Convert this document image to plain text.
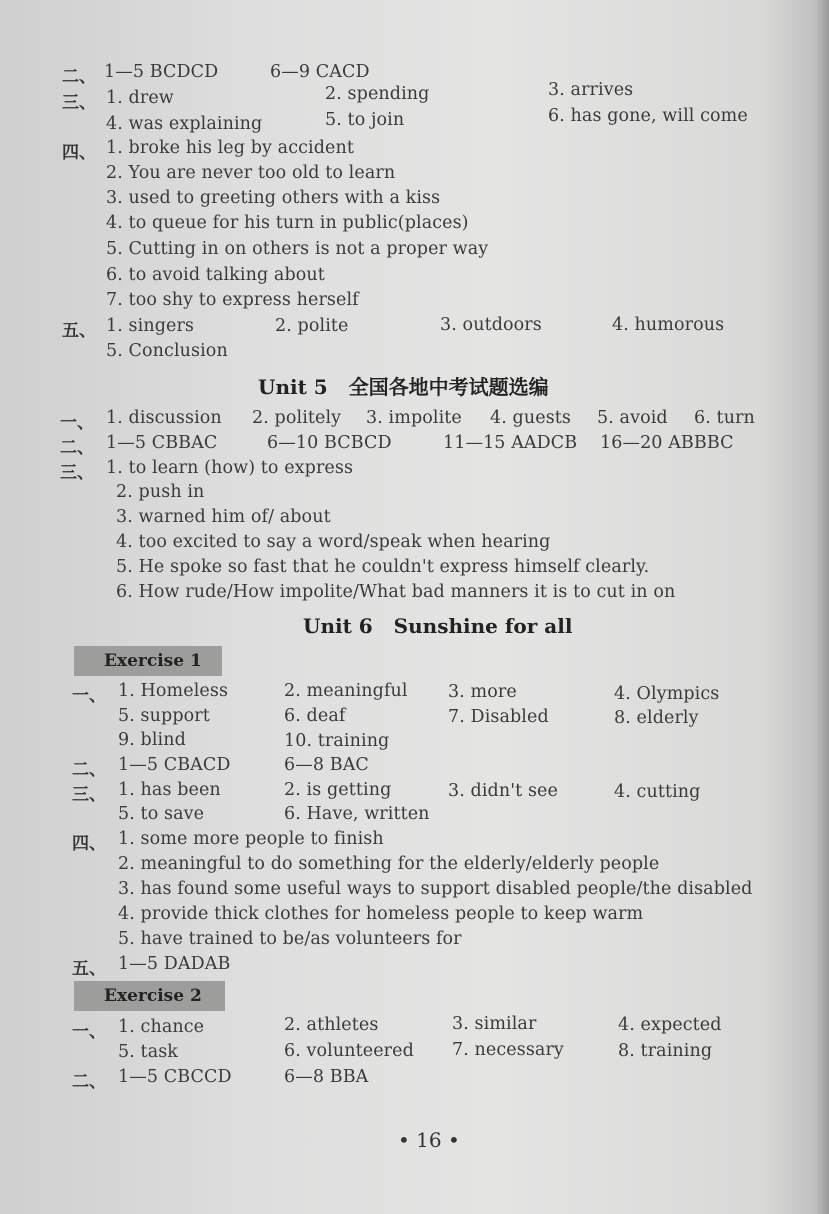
二、 1—5 BCDCD	6—9 CACD
三、 1. drew	2. spending	3. arrives
4. was explaining	5. to join	6. has gone, will come
四、 1. broke his leg by accident
2. You are never too old to learn
3. used to greeting others with a kiss
4. to queue for his turn in public(places)
5. Cutting in on others is not a proper way
6. to avoid talking about
7. too shy to express herself
五、 1. singers	2. polite	3. outdoors	4. humorous
5. Conclusion
Unit 5 全国各地中考试题选编
一、 1. discussion 2. politely 3. impolite 4. guests 5. avoid 6. turn
二、 1—5 CBBAC	6—10 BCBCD	11—15 AADCB 16—20 ABBBC
三、 1. to learn (how) to express
2. push in
3. warned him of/ about
4. too excited to say a word/speak when hearing
5. He spoke so fast that he couldn't express himself clearly.
6. How rude/How impolite/What bad manners it is to cut in on
Unit 6 Sunshine for all
Exercise 1
一、 1. Homeless	2. meaningful 3. more	4. Olympics
5. support	6. deaf	7. Disabled	8. elderly
9. blind	10. training
二、 1—5 CBACD	6—8 BAC
三、 1. has been	2. is getting	3. didn't see	4. cutting
5. to save	6. Have, written
四、 1. some more people to finish
2. meaningful to do something for the elderly/elderly people
3. has found some useful ways to support disabled people/the disabled
4. provide thick clothes for homeless people to keep warm
5. have trained to be/as volunteers for
五、 1—5 DADAB
Exercise 2
一、 1. chance	2. athletes	3. similar	4. expected
5. task	6. volunteered 7. necessary	8. training
二、 1—5 CBCCD	6—8 BBA
• 16 •
